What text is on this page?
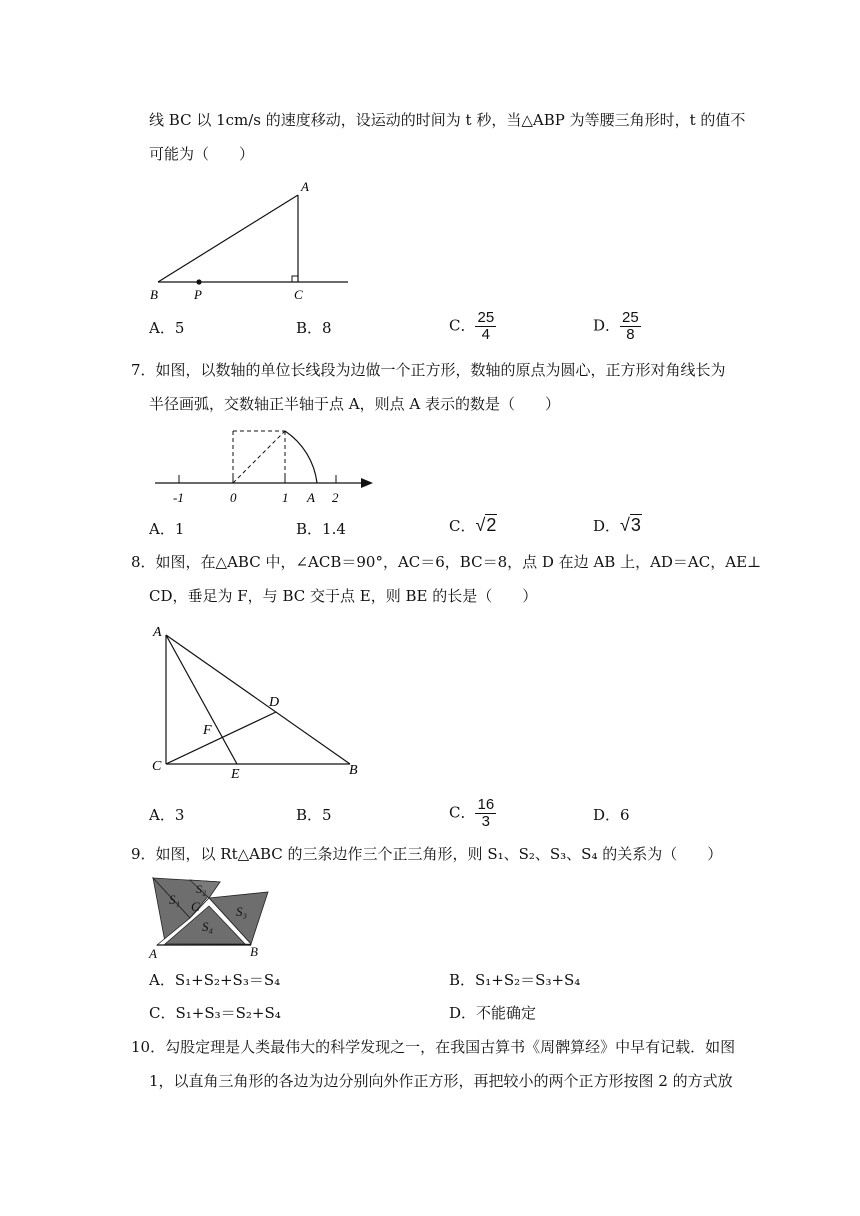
线 BC 以 1cm/s 的速度移动，设运动的时间为 t 秒，当△ABP 为等腰三角形时，t 的值不
可能为（　　）
A
B	P	C
A．5	B．8	C． $\frac{25}{4}$	D． $\frac{25}{8}$
7．如图，以数轴的单位长线段为边做一个正方形，数轴的原点为圆心，正方形对角线长为
半径画弧，交数轴正半轴于点 A，则点 A 表示的数是（　　）
-1	0	1 A 2
A．1	B．1.4	C．√2	D．√3
8．如图，在△ABC 中，∠ACB＝90°，AC＝6，BC＝8，点 D 在边 AB 上，AD＝AC，AE⊥
CD，垂足为 F，与 BC 交于点 E，则 BE 的长是（　　）
A
D
F
C
E	B
A．3	B．5	C． $\frac{16}{3}$	D．6
9．如图，以 Rt△ABC 的三条边作三个正三角形，则 S₁、S₂、S₃、S₄ 的关系为（　　）
S₁
S₂
C	S₃
S₄
A	B
A．S₁+S₂+S₃＝S₄	B．S₁+S₂＝S₃+S₄
C．S₁+S₃＝S₂+S₄	D．不能确定
10．勾股定理是人类最伟大的科学发现之一，在我国古算书《周髀算经》中早有记载．如图
1，以直角三角形的各边为边分别向外作正方形，再把较小的两个正方形按图 2 的方式放
